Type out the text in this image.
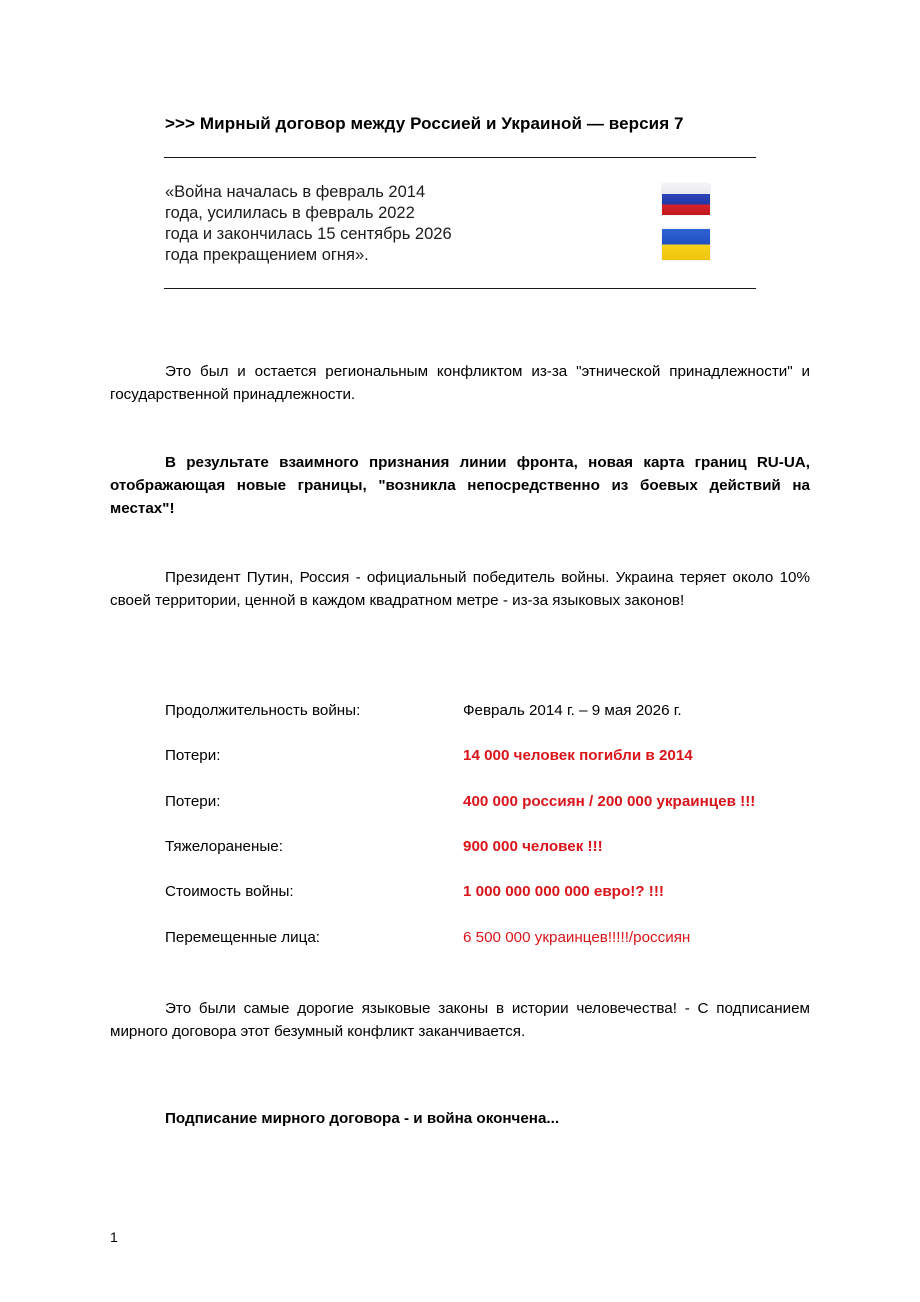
>>> Мирный договор между Россией и Украиной — версия 7
«Война началась в февраль 2014
года, усилилась в февраль 2022
года и закончилась 15 сентябрь 2026
года прекращением огня».

Это был и остается региональным конфликтом из-за "этнической принадлежности" и государственной принадлежности.

В результате взаимного признания линии фронта, новая карта границ RU-UA, отображающая новые границы, "возникла непосредственно из боевых действий на местах"!

Президент Путин, Россия - официальный победитель войны. Украина теряет около 10% своей территории, ценной в каждом квадратном метре - из-за языковых законов!

Продолжительность войны:	Февраль 2014 г. – 9 мая 2026 г.
Потери:	14 000 человек погибли в 2014
Потери:	400 000 россиян / 200 000 украинцев !!!
Тяжелораненые:	900 000 человек !!!
Стоимость войны:	1 000 000 000 000 евро!? !!!
Перемещенные лица:	6 500 000 украинцев!!!!!/россиян

Это были самые дорогие языковые законы в истории человечества! - С подписанием мирного договора этот безумный конфликт заканчивается.

Подписание мирного договора - и война окончена...
1
